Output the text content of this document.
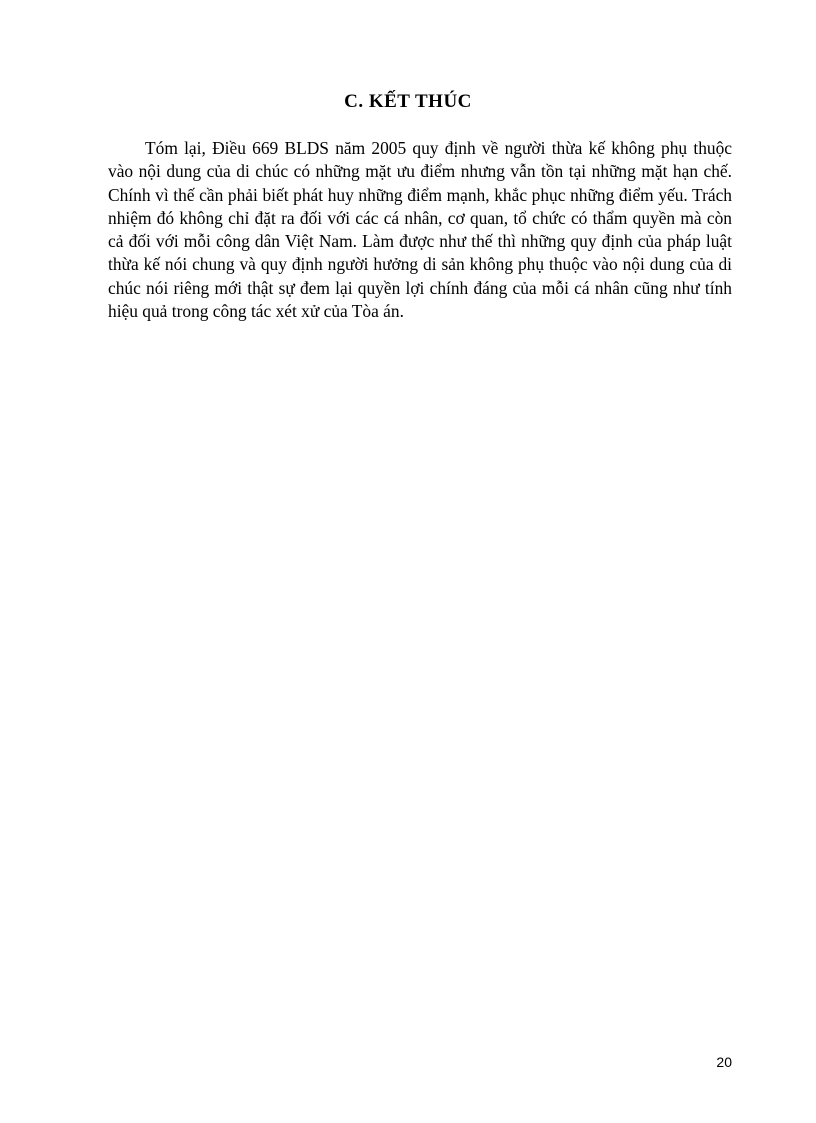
C. KẾT THÚC

Tóm lại, Điều 669 BLDS năm 2005 quy định về người thừa kế không phụ thuộc vào nội dung của di chúc có những mặt ưu điểm nhưng vẫn tồn tại những mặt hạn chế. Chính vì thế cần phải biết phát huy những điểm mạnh, khắc phục những điểm yếu. Trách nhiệm đó không chỉ đặt ra đối với các cá nhân, cơ quan, tổ chức có thẩm quyền mà còn cả đối với mỗi công dân Việt Nam. Làm được như thế thì những quy định của pháp luật thừa kế nói chung và quy định người hưởng di sản không phụ thuộc vào nội dung của di chúc nói riêng mới thật sự đem lại quyền lợi chính đáng của mỗi cá nhân cũng như tính hiệu quả trong công tác xét xử của Tòa án.

20
